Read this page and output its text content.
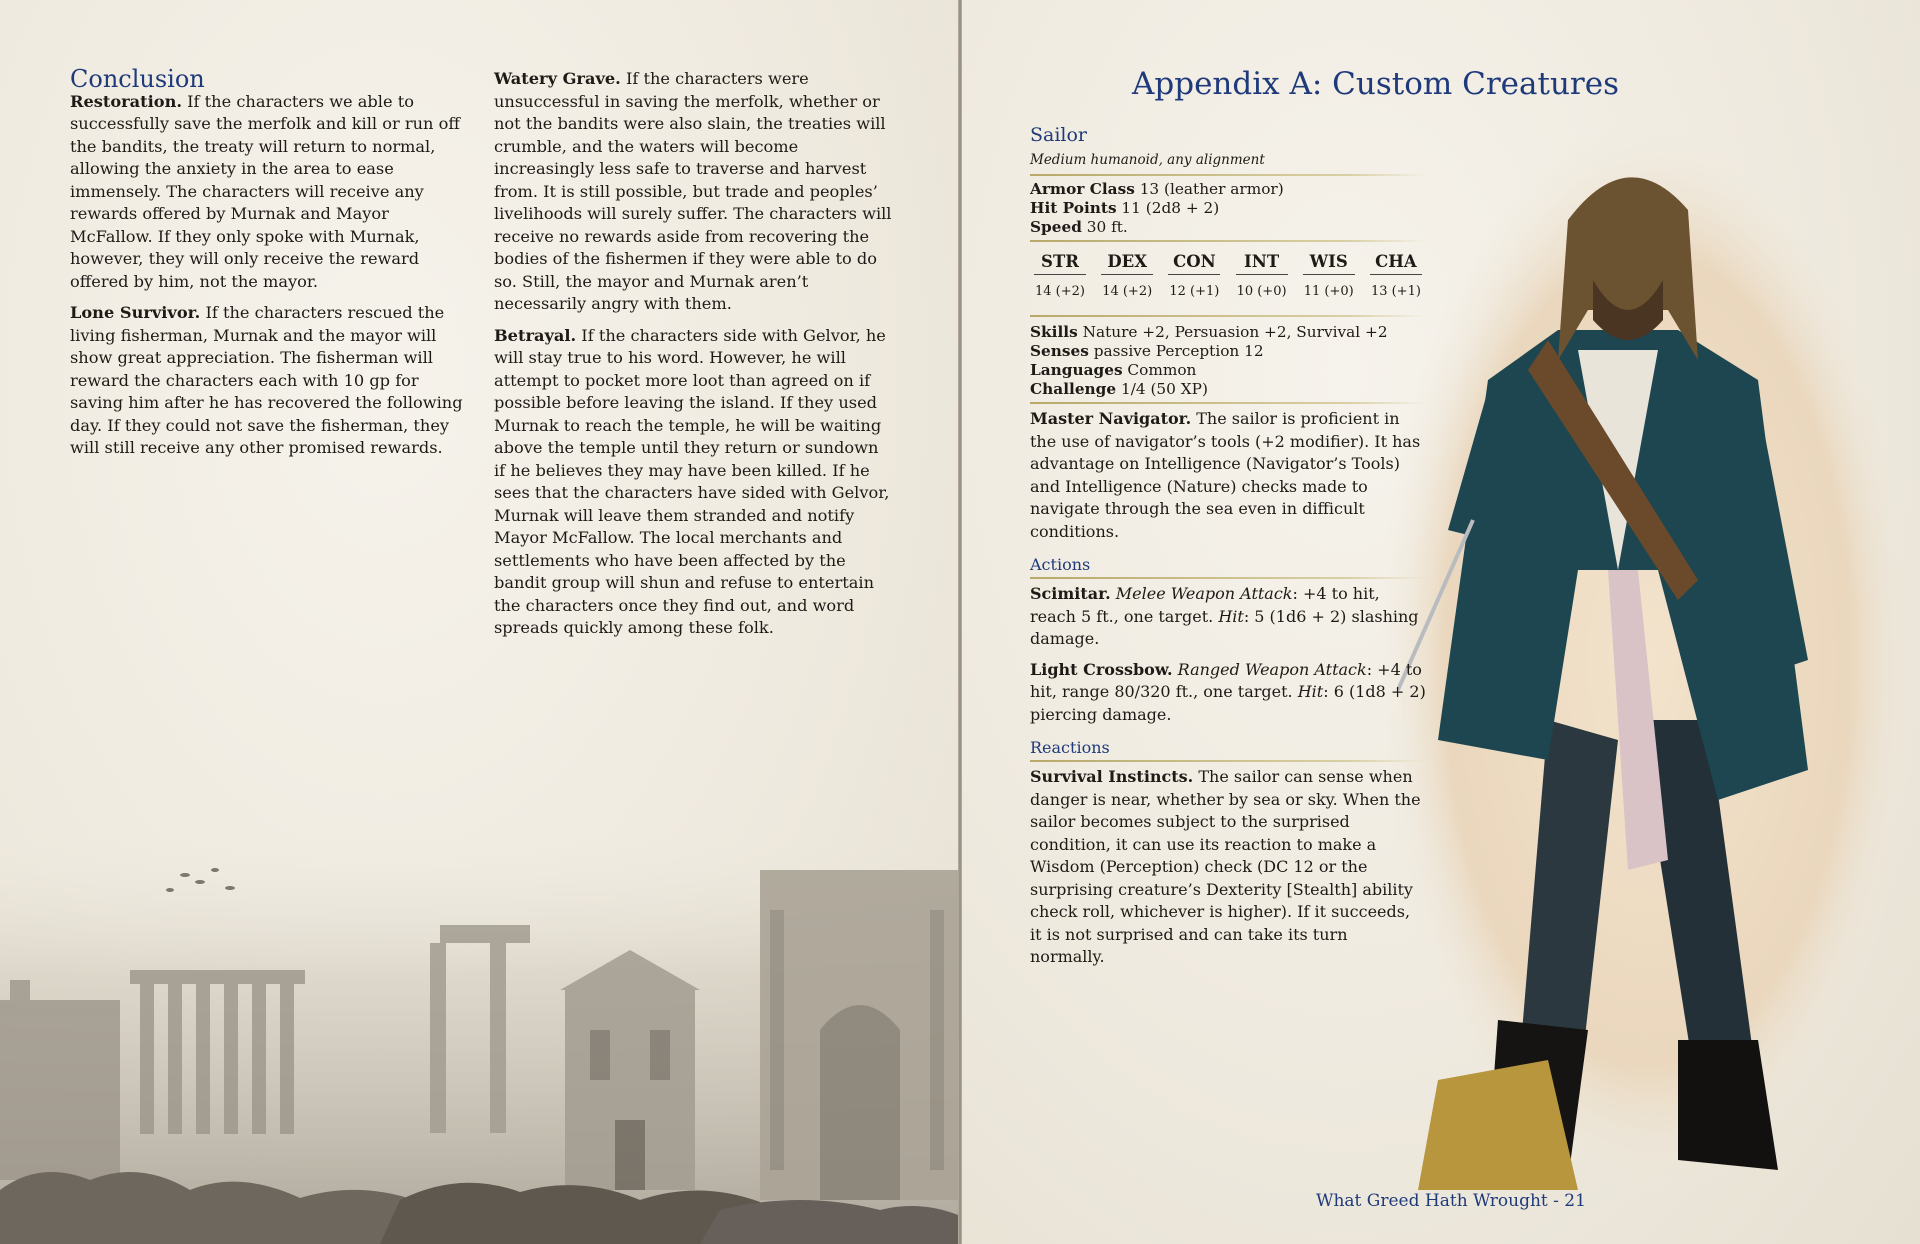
Conclusion

Restoration. If the characters we able to successfully save the merfolk and kill or run off the bandits, the treaty will return to normal, allowing the anxiety in the area to ease immensely. The characters will receive any rewards offered by Murnak and Mayor McFallow. If they only spoke with Murnak, however, they will only receive the reward offered by him, not the mayor.

Lone Survivor. If the characters rescued the living fisherman, Murnak and the mayor will show great appreciation. The fisherman will reward the characters each with 10 gp for saving him after he has recovered the following day. If they could not save the fisherman, they will still receive any other promised rewards.

Watery Grave. If the characters were unsuccessful in saving the merfolk, whether or not the bandits were also slain, the treaties will crumble, and the waters will become increasingly less safe to traverse and harvest from. It is still possible, but trade and peoples’ livelihoods will surely suffer. The characters will receive no rewards aside from recovering the bodies of the fishermen if they were able to do so. Still, the mayor and Murnak aren’t necessarily angry with them.

Betrayal. If the characters side with Gelvor, he will stay true to his word. However, he will attempt to pocket more loot than agreed on if possible before leaving the island. If they used Murnak to reach the temple, he will be waiting above the temple until they return or sundown if he believes they may have been killed. If he sees that the characters have sided with Gelvor, Murnak will leave them stranded and notify Mayor McFallow. The local merchants and settlements who have been affected by the bandit group will shun and refuse to entertain the characters once they find out, and word spreads quickly among these folk.

Appendix A: Custom Creatures
Sailor
Medium humanoid, any alignment

Armor Class 13 (leather armor)

Hit Points 11 (2d8 + 2)

Speed 30 ft.

STR
14 (+2)
DEX
14 (+2)
CON
12 (+1)
INT
10 (+0)
WIS
11 (+0)
CHA
13 (+1)

Skills Nature +2, Persuasion +2, Survival +2

Senses passive Perception 12

Languages Common

Challenge 1/4 (50 XP)

Master Navigator. The sailor is proficient in the use of navigator’s tools (+2 modifier). It has advantage on Intelligence (Navigator’s Tools) and Intelligence (Nature) checks made to navigate through the sea even in difficult conditions.

Actions

Scimitar. Melee Weapon Attack: +4 to hit, reach 5 ft., one target. Hit: 5 (1d6 + 2) slashing damage.

Light Crossbow. Ranged Weapon Attack: +4 to hit, range 80/320 ft., one target. Hit: 6 (1d8 + 2) piercing damage.

Reactions

Survival Instincts. The sailor can sense when danger is near, whether by sea or sky. When the sailor becomes subject to the surprised condition, it can use its reaction to make a Wisdom (Perception) check (DC 12 or the surprising creature’s Dexterity [Stealth] ability check roll, whichever is higher). If it succeeds, it is not surprised and can take its turn normally.

What Greed Hath Wrought - 21
